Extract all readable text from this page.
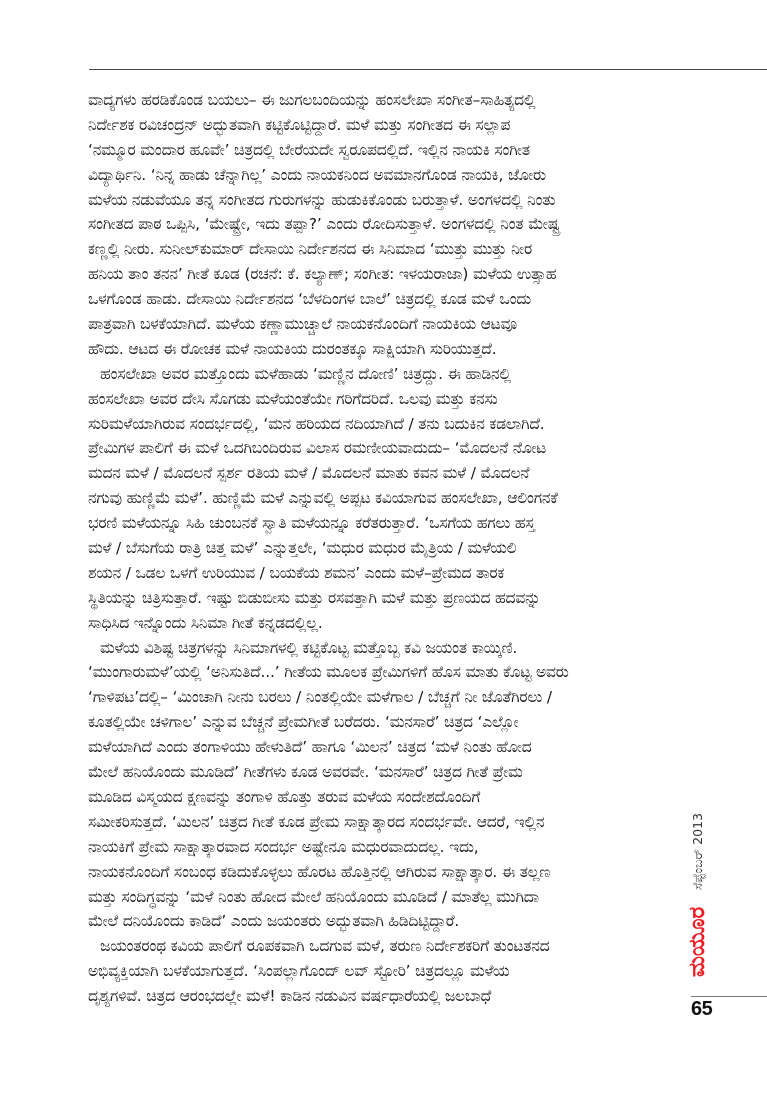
ವಾದ್ಯಗಳು ಹರಡಿಕೊಂಡ ಬಯಲು– ಈ ಜುಗಲಬಂದಿಯನ್ನು ಹಂಸಲೇಖಾ ಸಂಗೀತ–ಸಾಹಿತ್ಯದಲ್ಲಿ
ನಿರ್ದೇಶಕ ರವಿಚಂದ್ರನ್ ಅದ್ಭುತವಾಗಿ ಕಟ್ಟಿಕೊಟ್ಟಿದ್ದಾರೆ. ಮಳೆ ಮತ್ತು ಸಂಗೀತದ ಈ ಸಲ್ಲಾಪ
‘ನಮ್ಮೂರ ಮಂದಾರ ಹೂವೇ’ ಚಿತ್ರದಲ್ಲಿ ಬೇರೆಯದೇ ಸ್ವರೂಪದಲ್ಲಿದೆ. ಇಲ್ಲಿನ ನಾಯಕಿ ಸಂಗೀತ
ವಿದ್ಯಾರ್ಥಿನಿ. ‘ನಿನ್ನ ಹಾಡು ಚೆನ್ನಾಗಿಲ್ಲ’ ಎಂದು ನಾಯಕನಿಂದ ಅವಮಾನಗೊಂಡ ನಾಯಕಿ, ಜೋರು
ಮಳೆಯ ನಡುವೆಯೂ ತನ್ನ ಸಂಗೀತದ ಗುರುಗಳನ್ನು ಹುಡುಕಿಕೊಂಡು ಬರುತ್ತಾಳೆ. ಅಂಗಳದಲ್ಲಿ ನಿಂತು
ಸಂಗೀತದ ಪಾಠ ಒಪ್ಪಿಸಿ, ‘ಮೇಷ್ಟ್ರೇ, ಇದು ತಪ್ಪಾ?’ ಎಂದು ರೋದಿಸುತ್ತಾಳೆ. ಅಂಗಳದಲ್ಲಿ ನಿಂತ ಮೇಷ್ಟ್ರ
ಕಣ್ಣಲ್ಲಿ ನೀರು. ಸುನೀಲ್‌ಕುಮಾರ್ ದೇಸಾಯಿ ನಿರ್ದೇಶನದ ಈ ಸಿನಿಮಾದ ‘ಮುತ್ತು ಮುತ್ತು ನೀರ
ಹನಿಯ ತಾಂ ತನನ’ ಗೀತೆ ಕೂಡ (ರಚನೆ: ಕೆ. ಕಲ್ಯಾಣ್; ಸಂಗೀತ: ಇಳಯರಾಜಾ) ಮಳೆಯ ಉತ್ಸಾಹ
ಒಳಗೊಂಡ ಹಾಡು. ದೇಸಾಯಿ ನಿರ್ದೇಶನದ ‘ಬೆಳದಿಂಗಳ ಬಾಲೆ’ ಚಿತ್ರದಲ್ಲಿ ಕೂಡ ಮಳೆ ಒಂದು
ಪಾತ್ರವಾಗಿ ಬಳಕೆಯಾಗಿದೆ. ಮಳೆಯ ಕಣ್ಣಾಮುಚ್ಚಾಲೆ ನಾಯಕನೊಂದಿಗೆ ನಾಯಕಿಯ ಆಟವೂ
ಹೌದು. ಆಟದ ಈ ರೋಚಕ ಮಳೆ ನಾಯಕಿಯ ದುರಂತಕ್ಕೂ ಸಾಕ್ಷಿಯಾಗಿ ಸುರಿಯುತ್ತದೆ.
ಹಂಸಲೇಖಾ ಅವರ ಮತ್ತೊಂದು ಮಳೆಹಾಡು ‘ಮಣ್ಣಿನ ದೋಣಿ’ ಚಿತ್ರದ್ದು. ಈ ಹಾಡಿನಲ್ಲಿ
ಹಂಸಲೇಖಾ ಅವರ ದೇಸಿ ಸೊಗಡು ಮಳೆಯಂತೆಯೇ ಗರಿಗೆದರಿದೆ. ಒಲವು ಮತ್ತು ಕನಸು
ಸುರಿಮಳೆಯಾಗಿರುವ ಸಂದರ್ಭದಲ್ಲಿ, ‘ಮನ ಹರಿಯದ ನದಿಯಾಗಿದೆ / ತನು ಬದುಕಿನ ಕಡಲಾಗಿದೆ.
ಪ್ರೇಮಿಗಳ ಪಾಲಿಗೆ ಈ ಮಳೆ ಒದಗಿಬಂದಿರುವ ವಿಲಾಸ ರಮಣೀಯವಾದುದು– ‘ಮೊದಲನೆ ನೋಟ
ಮದನ ಮಳೆ / ಮೊದಲನೆ ಸ್ಪರ್ಶ ರತಿಯ ಮಳೆ / ಮೊದಲನೆ ಮಾತು ಕವನ ಮಳೆ / ಮೊದಲನೆ
ನಗುವು ಹುಣ್ಣಿಮೆ ಮಳೆ’. ಹುಣ್ಣಿಮೆ ಮಳೆ ಎನ್ನುವಲ್ಲಿ ಅಪ್ಪಟ ಕವಿಯಾಗುವ ಹಂಸಲೇಖಾ, ಆಲಿಂಗನಕೆ
ಭರಣಿ ಮಳೆಯನ್ನೂ ಸಿಹಿ ಚುಂಬನಕೆ ಸ್ವಾತಿ ಮಳೆಯನ್ನೂ ಕರೆತರುತ್ತಾರೆ. ‘ಒಸಗೆಯ ಹಗಲು ಹಸ್ತ
ಮಳೆ / ಬೆಸುಗೆಯ ರಾತ್ರಿ ಚಿತ್ತ ಮಳೆ’ ಎನ್ನುತ್ತಲೇ, ‘ಮಧುರ ಮಧುರ ಮೈತ್ರಿಯ / ಮಳೆಯಲಿ
ಶಯನ / ಒಡಲ ಒಳಗೆ ಉರಿಯುವ / ಬಯಕೆಯ ಶಮನ’ ಎಂದು ಮಳೆ–ಪ್ರೇಮದ ತಾರಕ
ಸ್ಥಿತಿಯನ್ನು ಚಿತ್ರಿಸುತ್ತಾರೆ. ಇಷ್ಟು ಬಿಡುಬೀಸು ಮತ್ತು ರಸವತ್ತಾಗಿ ಮಳೆ ಮತ್ತು ಪ್ರಣಯದ ಹದವನ್ನು
ಸಾಧಿಸಿದ ಇನ್ನೊಂದು ಸಿನಿಮಾ ಗೀತೆ ಕನ್ನಡದಲ್ಲಿಲ್ಲ.
ಮಳೆಯ ವಿಶಿಷ್ಟ ಚಿತ್ರಗಳನ್ನು ಸಿನಿಮಾಗಳಲ್ಲಿ ಕಟ್ಟಿಕೊಟ್ಟ ಮತ್ತೊಬ್ಬ ಕವಿ ಜಯಂತ ಕಾಯ್ಕಿಣಿ.
‘ಮುಂಗಾರುಮಳೆ’ಯಲ್ಲಿ ‘ಅನಿಸುತಿದೆ...’ ಗೀತೆಯ ಮೂಲಕ ಪ್ರೇಮಿಗಳಿಗೆ ಹೊಸ ಮಾತು ಕೊಟ್ಟ ಅವರು
‘ಗಾಳಿಪಟ’ದಲ್ಲಿ– ‘ಮಿಂಚಾಗಿ ನೀನು ಬರಲು / ನಿಂತಲ್ಲಿಯೇ ಮಳೆಗಾಲ / ಬೆಚ್ಚಗೆ ನೀ ಜೊತೆಗಿರಲು /
ಕೂತಲ್ಲಿಯೇ ಚಳಿಗಾಲ’ ಎನ್ನುವ ಬೆಚ್ಚನೆ ಪ್ರೇಮಗೀತೆ ಬರೆದರು. ‘ಮನಸಾರೆ’ ಚಿತ್ರದ ‘ಎಲ್ಲೋ
ಮಳೆಯಾಗಿದೆ ಎಂದು ತಂಗಾಳಿಯು ಹೇಳುತಿದೆ’ ಹಾಗೂ ‘ಮಿಲನ’ ಚಿತ್ರದ ‘ಮಳೆ ನಿಂತು ಹೋದ
ಮೇಲೆ ಹನಿಯೊಂದು ಮೂಡಿದೆ’ ಗೀತೆಗಳು ಕೂಡ ಅವರವೇ. ‘ಮನಸಾರೆ’ ಚಿತ್ರದ ಗೀತೆ ಪ್ರೇಮ
ಮೂಡಿದ ವಿಸ್ಮಯದ ಕ್ಷಣವನ್ನು ತಂಗಾಳಿ ಹೊತ್ತು ತರುವ ಮಳೆಯ ಸಂದೇಶದೊಂದಿಗೆ
ಸಮೀಕರಿಸುತ್ತದೆ. ‘ಮಿಲನ’ ಚಿತ್ರದ ಗೀತೆ ಕೂಡ ಪ್ರೇಮ ಸಾಕ್ಷಾತ್ಕಾರದ ಸಂದರ್ಭವೇ. ಆದರೆ, ಇಲ್ಲಿನ
ನಾಯಕಿಗೆ ಪ್ರೇಮ ಸಾಕ್ಷಾತ್ಕಾರವಾದ ಸಂದರ್ಭ ಅಷ್ಟೇನೂ ಮಧುರವಾದುದಲ್ಲ. ಇದು,
ನಾಯಕನೊಂದಿಗೆ ಸಂಬಂಧ ಕಡಿದುಕೊಳ್ಳಲು ಹೊರಟ ಹೊತ್ತಿನಲ್ಲಿ ಆಗಿರುವ ಸಾಕ್ಷಾತ್ಕಾರ. ಈ ತಲ್ಲಣ
ಮತ್ತು ಸಂದಿಗ್ಧವನ್ನು ‘ಮಳೆ ನಿಂತು ಹೋದ ಮೇಲೆ ಹನಿಯೊಂದು ಮೂಡಿದೆ / ಮಾತೆಲ್ಲ ಮುಗಿದಾ
ಮೇಲೆ ದನಿಯೊಂದು ಕಾಡಿದೆ’ ಎಂದು ಜಯಂತರು ಅದ್ಭುತವಾಗಿ ಹಿಡಿದಿಟ್ಟಿದ್ದಾರೆ.
ಜಯಂತರಂಥ ಕವಿಯ ಪಾಲಿಗೆ ರೂಪಕವಾಗಿ ಒದಗುವ ಮಳೆ, ತರುಣ ನಿರ್ದೇಶಕರಿಗೆ ತುಂಟತನದ
ಅಭಿವ್ಯಕ್ತಿಯಾಗಿ ಬಳಕೆಯಾಗುತ್ತದೆ. ‘ಸಿಂಪಲ್ಲಾಗೊಂದ್ ಲವ್ ಸ್ಟೋರಿ’ ಚಿತ್ರದಲ್ಲೂ ಮಳೆಯ
ದೃಶ್ಯಗಳಿವೆ. ಚಿತ್ರದ ಆರಂಭದಲ್ಲೇ ಮಳೆ! ಕಾಡಿನ ನಡುವಿನ ವರ್ಷಧಾರೆಯಲ್ಲಿ ಜಲಬಾಧೆ
ಸೆಪ್ಟೆಂಬರ್ 2013
ಮಯೂರ
65
